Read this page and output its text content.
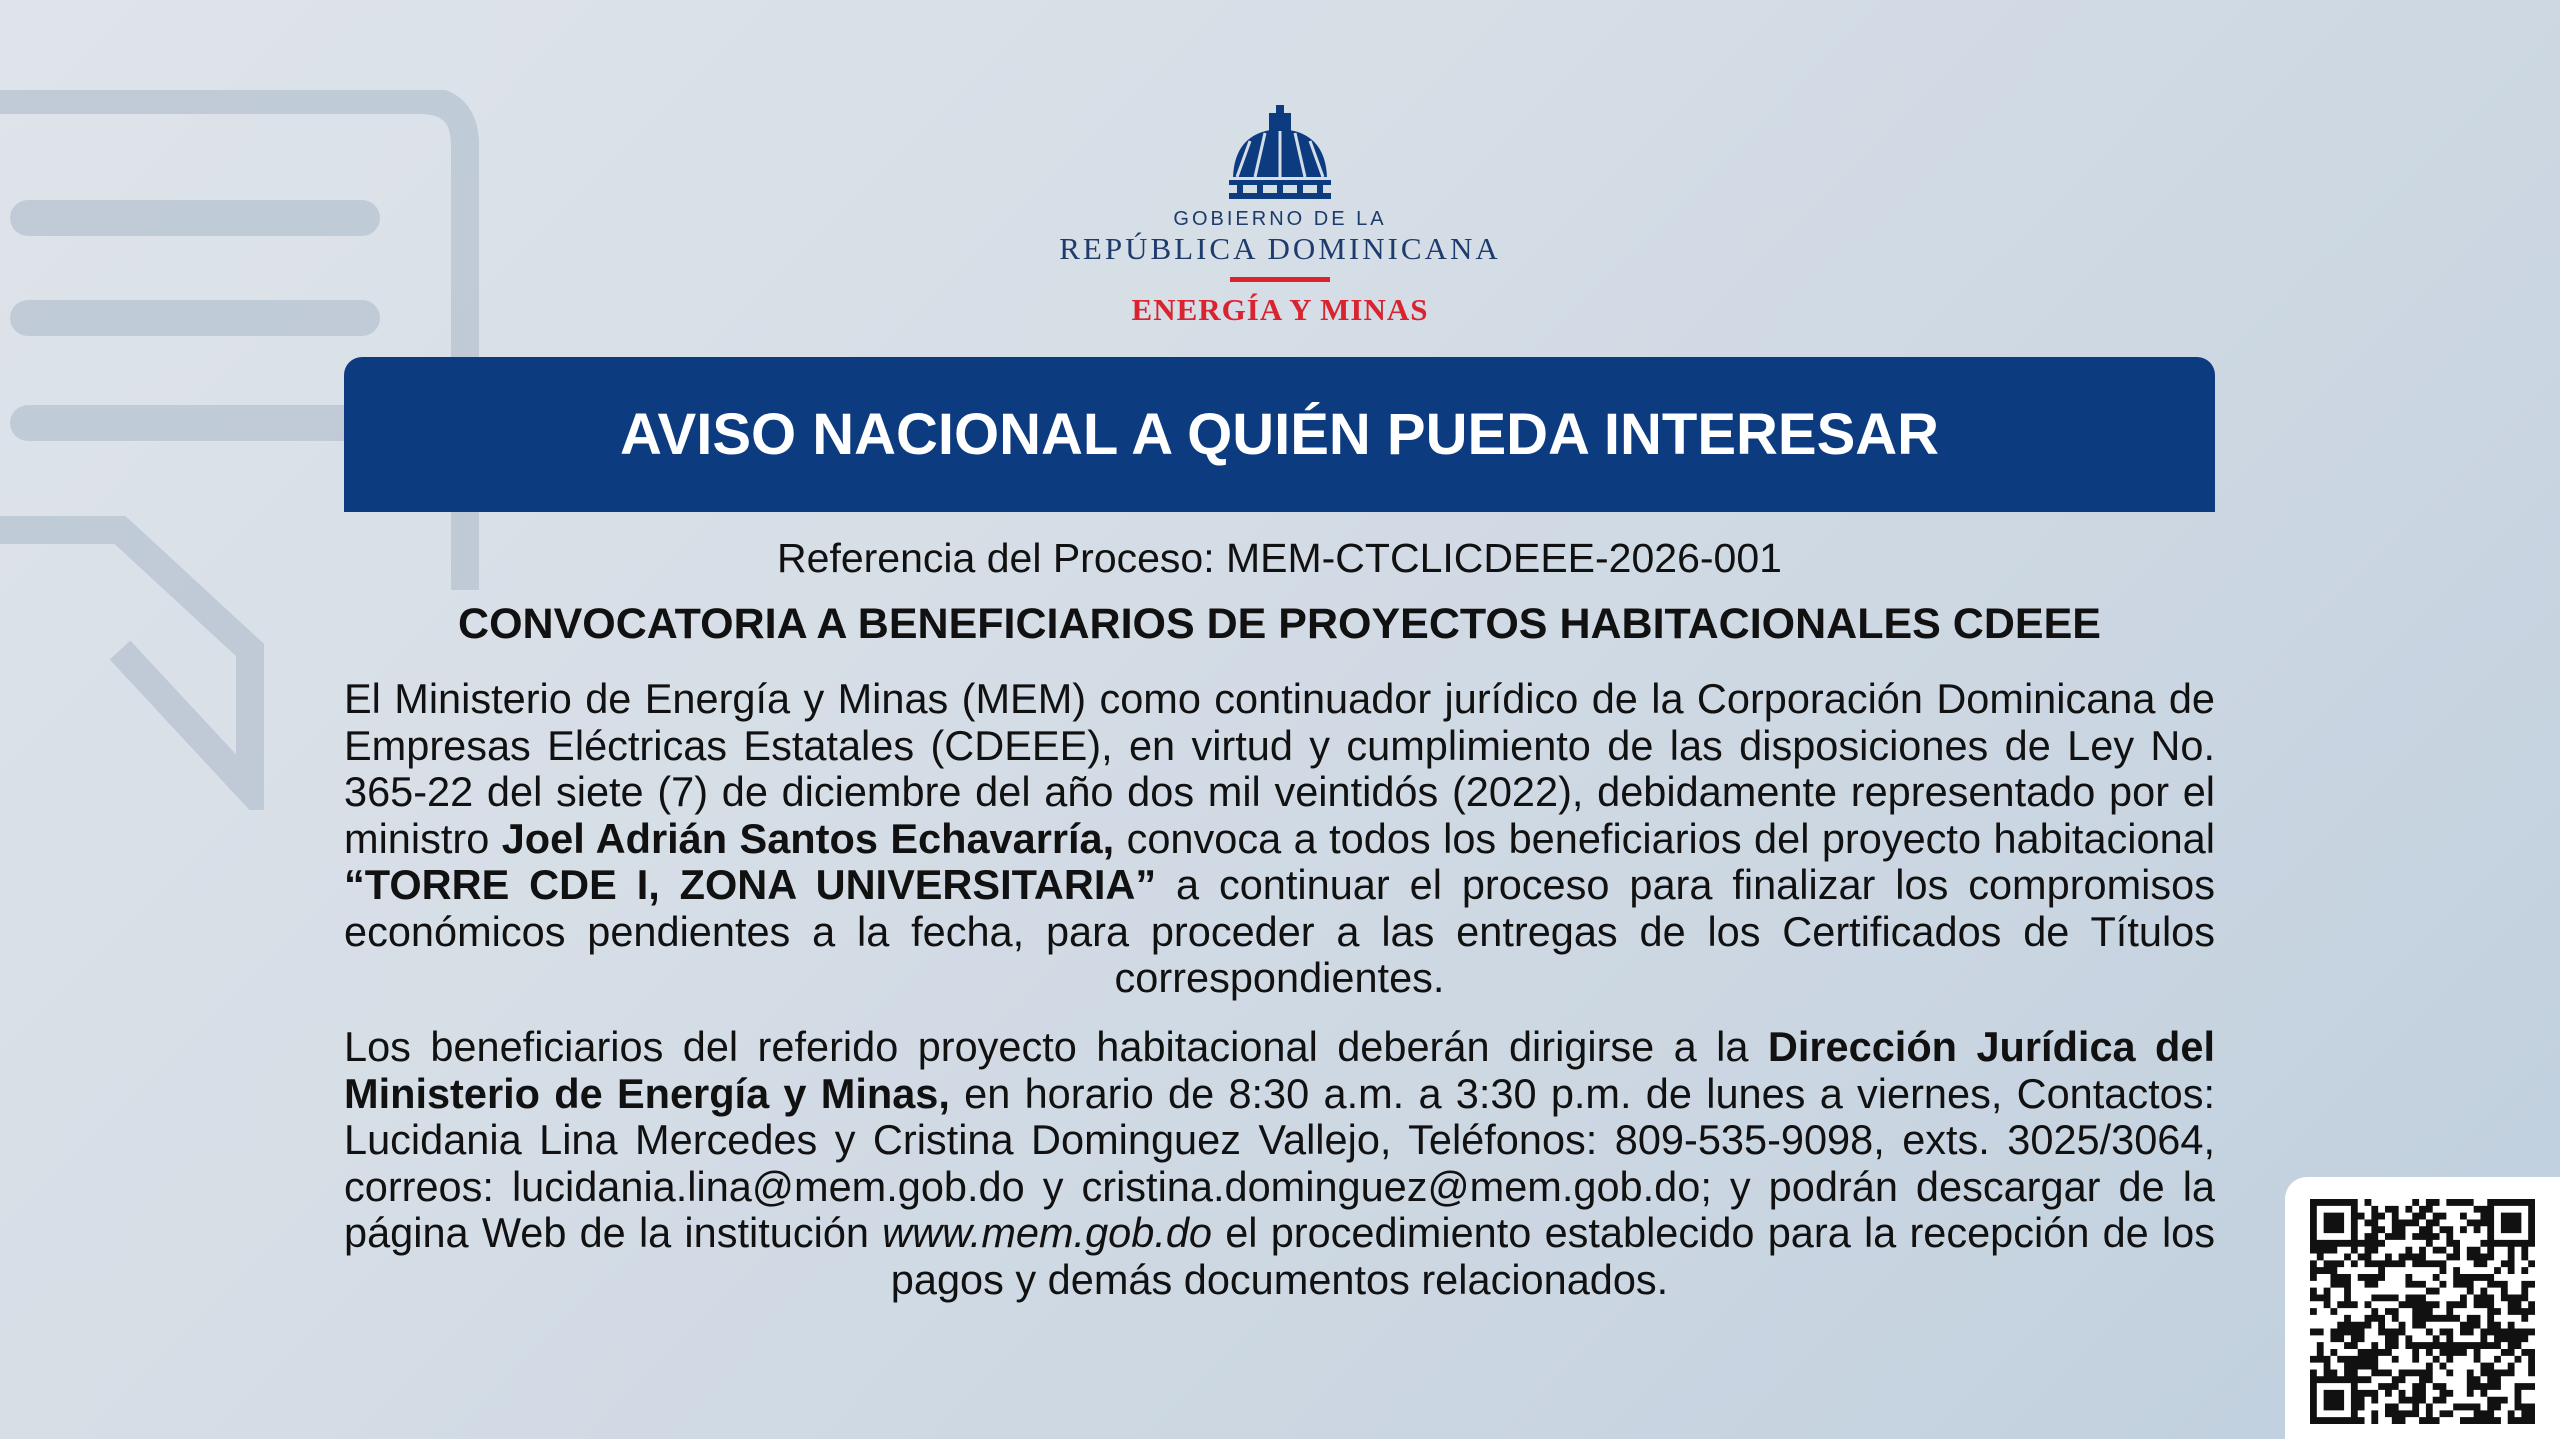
GOBIERNO DE LA
REPÚBLICA DOMINICANA
ENERGÍA Y MINAS
AVISO NACIONAL A QUIÉN PUEDA INTERESAR
Referencia del Proceso: MEM-CTCLICDEEE-2026-001
CONVOCATORIA A BENEFICIARIOS DE PROYECTOS HABITACIONALES CDEEE
El Ministerio de Energía y Minas (MEM) como continuador jurídico de la Corporación Dominicana de Empresas Eléctricas Estatales (CDEEE), en virtud y cumplimiento de las disposiciones de Ley No. 365-22 del siete (7) de diciembre del año dos mil veintidós (2022), debidamente representado por el ministro Joel Adrián Santos Echavarría, convoca a todos los beneficiarios del proyecto habitacional “TORRE CDE I, ZONA UNIVERSITARIA” a continuar el proceso para finalizar los compromisos económicos pendientes a la fecha, para proceder a las entregas de los Certificados de Títulos correspondientes.
Los beneficiarios del referido proyecto habitacional deberán dirigirse a la Dirección Jurídica del Ministerio de Energía y Minas, en horario de 8:30 a.m. a 3:30 p.m. de lunes a viernes, Contactos: Lucidania Lina Mercedes y Cristina Dominguez Vallejo, Teléfonos: 809-535-9098, exts. 3025/3064, correos: lucidania.lina@mem.gob.do y cristina.dominguez@mem.gob.do; y podrán descargar de la página Web de la institución www.mem.gob.do el procedimiento establecido para la recepción de los pagos y demás documentos relacionados.
